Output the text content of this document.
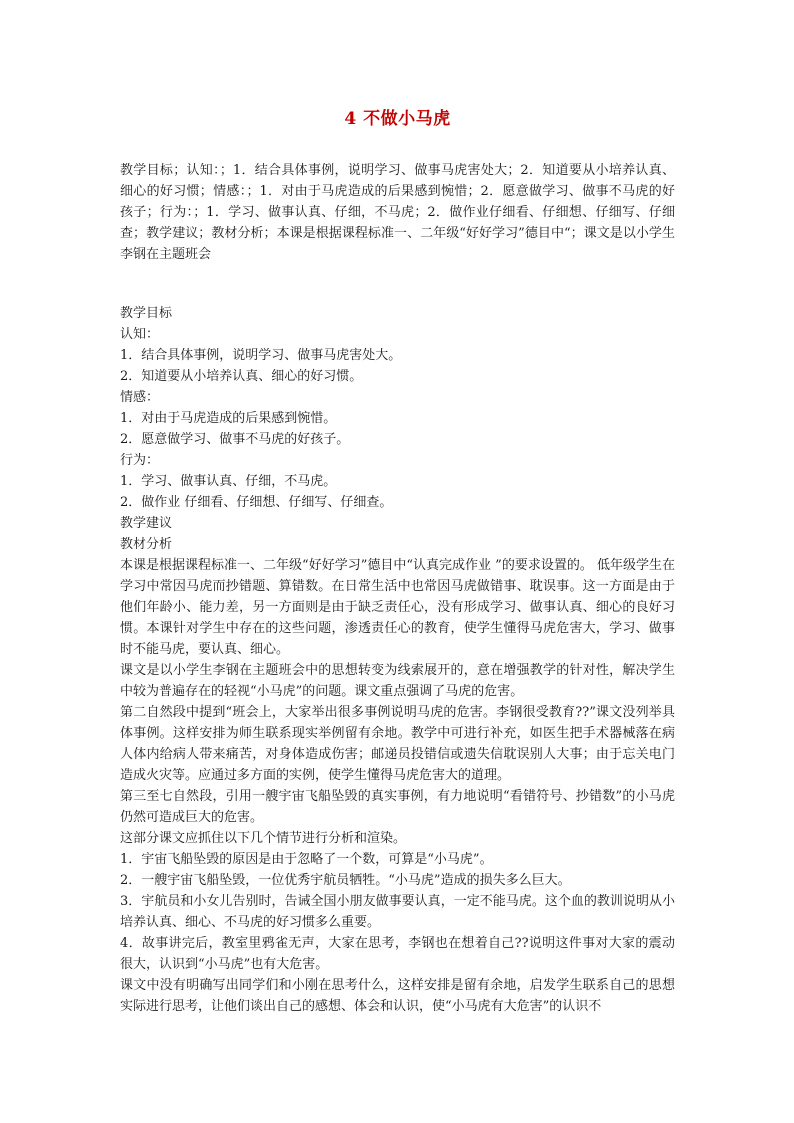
4 不做小马虎
教学目标；认知：；1．结合具体事例，说明学习、做事马虎害处大；2．知道要从小培养认真、细心的好习惯；情感：；1．对由于马虎造成的后果感到惋惜；2．愿意做学习、做事不马虎的好孩子；行为：；1．学习、做事认真、仔细，不马虎；2．做作业仔细看、仔细想、仔细写、仔细查；教学建议；教材分析；本课是根据课程标准一、二年级“好好学习”德目中“；课文是以小学生李钢在主题班会

教学目标

认知：

1．结合具体事例，说明学习、做事马虎害处大。

2．知道要从小培养认真、细心的好习惯。

情感：

1．对由于马虎造成的后果感到惋惜。

2．愿意做学习、做事不马虎的好孩子。

行为：

1．学习、做事认真、仔细，不马虎。

2．做作业 仔细看、仔细想、仔细写、仔细查。

教学建议

教材分析

本课是根据课程标准一、二年级“好好学习”德目中“认真完成作业 ”的要求设置的。 低年级学生在学习中常因马虎而抄错题、算错数。在日常生活中也常因马虎做错事、耽误事。这一方面是由于他们年龄小、能力差，另一方面则是由于缺乏责任心，没有形成学习、做事认真、细心的良好习惯。本课针对学生中存在的这些问题，渗透责任心的教育，使学生懂得马虎危害大，学习、做事时不能马虎，要认真、细心。

课文是以小学生李钢在主题班会中的思想转变为线索展开的，意在增强教学的针对性，解决学生中较为普遍存在的轻视“小马虎”的问题。课文重点强调了马虎的危害。

第二自然段中提到“班会上，大家举出很多事例说明马虎的危害。李钢很受教育??”课文没列举具体事例。这样安排为师生联系现实举例留有余地。教学中可进行补充，如医生把手术器械落在病人体内给病人带来痛苦，对身体造成伤害；邮递员投错信或遗失信耽误别人大事；由于忘关电门造成火灾等。应通过多方面的实例，使学生懂得马虎危害大的道理。

第三至七自然段，引用一艘宇宙飞船坠毁的真实事例，有力地说明“看错符号、抄错数”的小马虎仍然可造成巨大的危害。

这部分课文应抓住以下几个情节进行分析和渲染。

1．宇宙飞船坠毁的原因是由于忽略了一个数，可算是“小马虎”。

2．一艘宇宙飞船坠毁，一位优秀宇航员牺牲。“小马虎”造成的损失多么巨大。

3．宇航员和小女儿告别时，告诫全国小朋友做事要认真，一定不能马虎。这个血的教训说明从小培养认真、细心、不马虎的好习惯多么重要。

4．故事讲完后，教室里鸦雀无声，大家在思考，李钢也在想着自己??说明这件事对大家的震动很大，认识到“小马虎”也有大危害。

课文中没有明确写出同学们和小刚在思考什么，这样安排是留有余地，启发学生联系自己的思想实际进行思考，让他们谈出自己的感想、体会和认识，使“小马虎有大危害”的认识不
